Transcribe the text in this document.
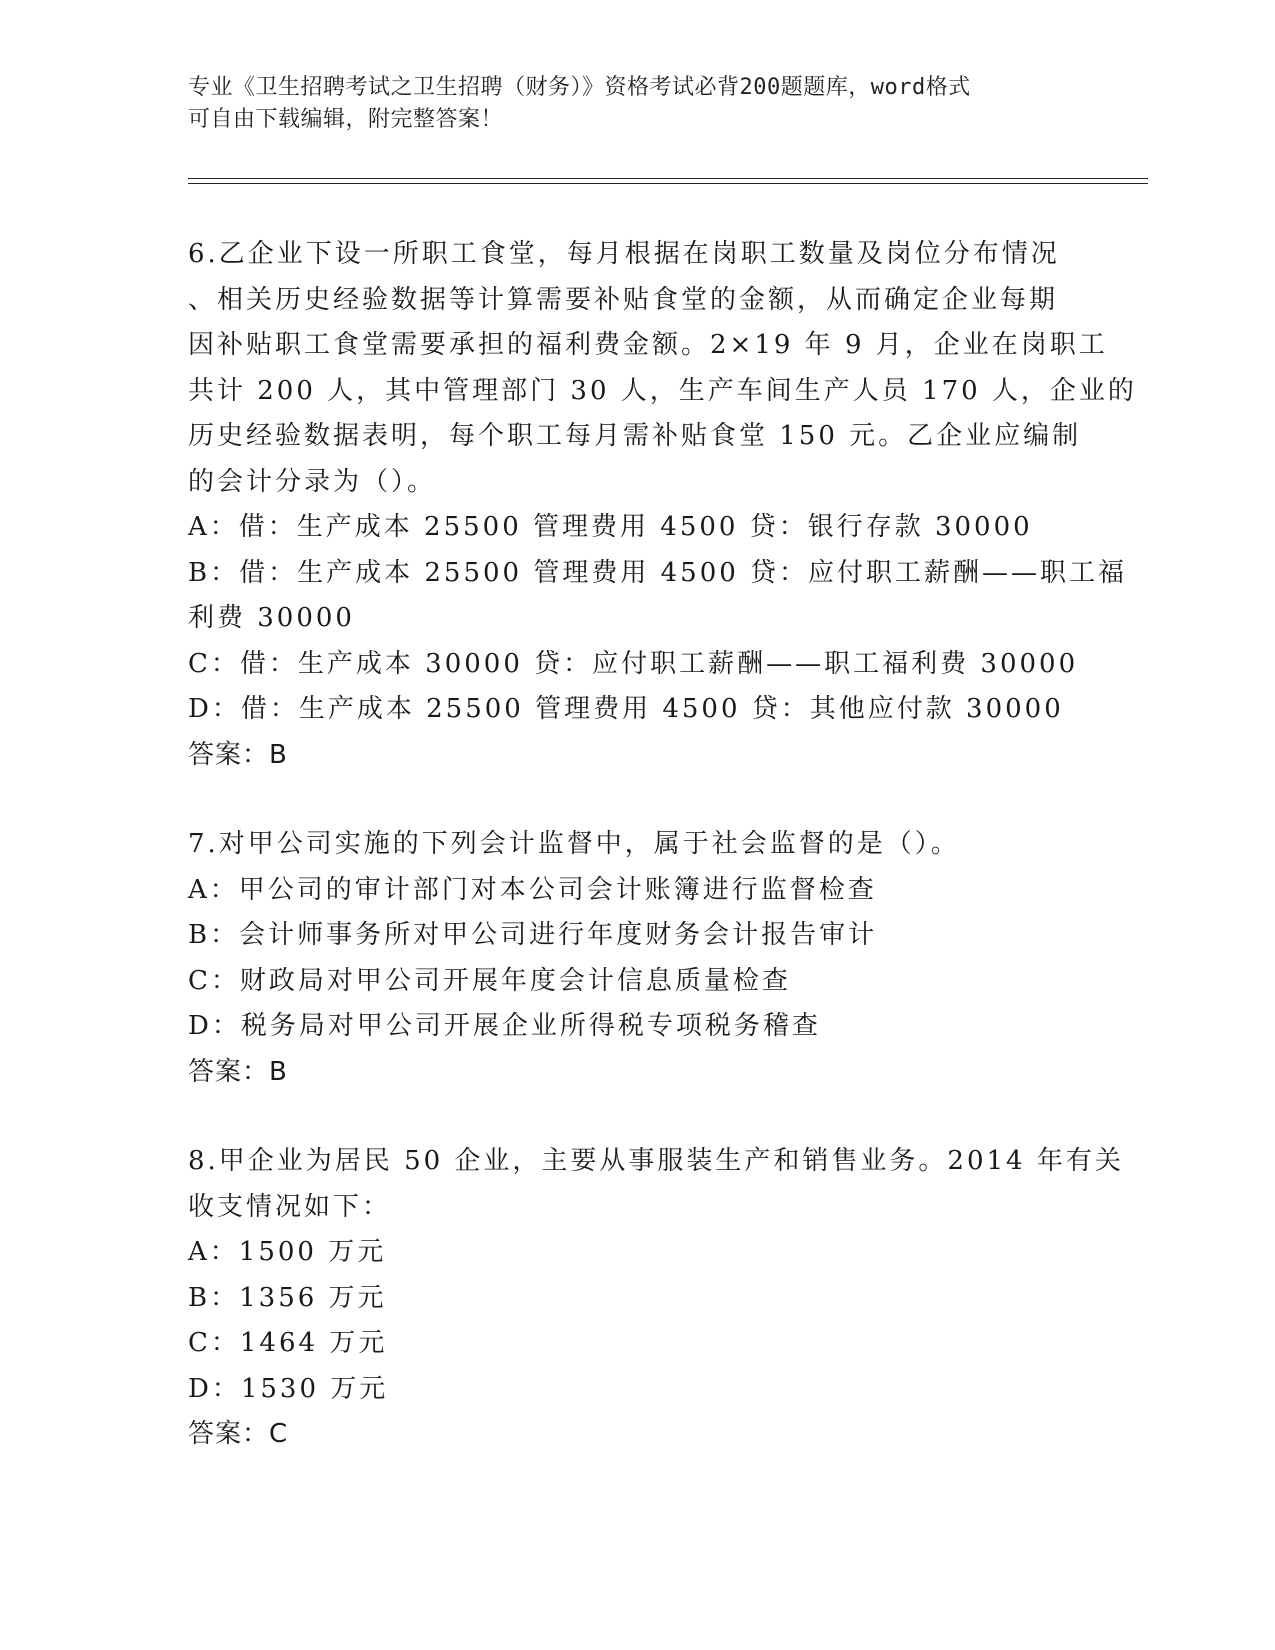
专业《卫生招聘考试之卫生招聘（财务）》资格考试必背200题题库，word格式
可自由下载编辑，附完整答案！
6.乙企业下设一所职工食堂，每月根据在岗职工数量及岗位分布情况
、相关历史经验数据等计算需要补贴食堂的金额，从而确定企业每期
因补贴职工食堂需要承担的福利费金额。2×19 年 9 月，企业在岗职工
共计 200 人，其中管理部门 30 人，生产车间生产人员 170 人，企业的
历史经验数据表明，每个职工每月需补贴食堂 150 元。乙企业应编制
的会计分录为（）。
A：借：生产成本 25500 管理费用 4500 贷：银行存款 30000
B：借：生产成本 25500 管理费用 4500 贷：应付职工薪酬——职工福
利费 30000
C：借：生产成本 30000 贷：应付职工薪酬——职工福利费 30000
D：借：生产成本 25500 管理费用 4500 贷：其他应付款 30000
答案：B
7.对甲公司实施的下列会计监督中，属于社会监督的是（）。
A：甲公司的审计部门对本公司会计账簿进行监督检查
B：会计师事务所对甲公司进行年度财务会计报告审计
C：财政局对甲公司开展年度会计信息质量检查
D：税务局对甲公司开展企业所得税专项税务稽查
答案：B
8.甲企业为居民 50 企业，主要从事服装生产和销售业务。2014 年有关
收支情况如下：
A：1500 万元
B：1356 万元
C：1464 万元
D：1530 万元
答案：C
